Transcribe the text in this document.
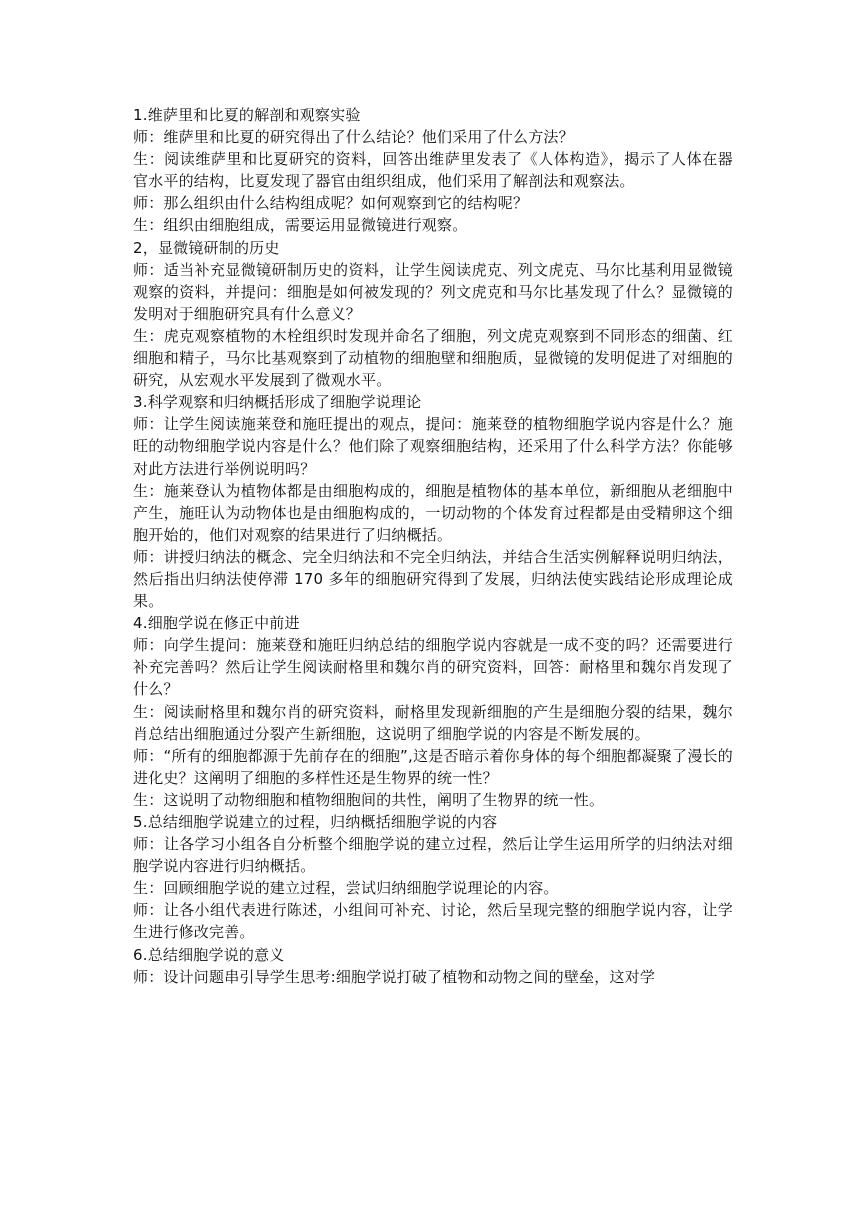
1.维萨里和比夏的解剖和观察实验

师：维萨里和比夏的研究得出了什么结论？他们采用了什么方法？

生：阅读维萨里和比夏研究的资料，回答出维萨里发表了《人体构造》，揭示了人体在器官水平的结构，比夏发现了器官由组织组成，他们采用了解剖法和观察法。

师：那么组织由什么结构组成呢？如何观察到它的结构呢？

生：组织由细胞组成，需要运用显微镜进行观察。

2，显微镜研制的历史

师：适当补充显微镜研制历史的资料，让学生阅读虎克、列文虎克、马尔比基利用显微镜观察的资料，并提问：细胞是如何被发现的？列文虎克和马尔比基发现了什么？显微镜的发明对于细胞研究具有什么意义？

生：虎克观察植物的木栓组织时发现并命名了细胞，列文虎克观察到不同形态的细菌、红细胞和精子，马尔比基观察到了动植物的细胞壁和细胞质，显微镜的发明促进了对细胞的研究，从宏观水平发展到了微观水平。

3.科学观察和归纳概括形成了细胞学说理论

师：让学生阅读施莱登和施旺提出的观点，提问：施莱登的植物细胞学说内容是什么？施旺的动物细胞学说内容是什么？他们除了观察细胞结构，还采用了什么科学方法？你能够对此方法进行举例说明吗？

生：施莱登认为植物体都是由细胞构成的，细胞是植物体的基本单位，新细胞从老细胞中产生，施旺认为动物体也是由细胞构成的，一切动物的个体发育过程都是由受精卵这个细胞开始的，他们对观察的结果进行了归纳概括。

师：讲授归纳法的概念、完全归纳法和不完全归纳法，并结合生活实例解释说明归纳法，然后指出归纳法使停滞 170 多年的细胞研究得到了发展，归纳法使实践结论形成理论成果。

4.细胞学说在修正中前进

师：向学生提问：施莱登和施旺归纳总结的细胞学说内容就是一成不变的吗？还需要进行补充完善吗？然后让学生阅读耐格里和魏尔肖的研究资料，回答：耐格里和魏尔肖发现了什么？

生：阅读耐格里和魏尔肖的研究资料，耐格里发现新细胞的产生是细胞分裂的结果，魏尔肖总结出细胞通过分裂产生新细胞，这说明了细胞学说的内容是不断发展的。

师：“所有的细胞都源于先前存在的细胞”,这是否暗示着你身体的每个细胞都凝聚了漫长的进化史？这阐明了细胞的多样性还是生物界的统一性？

生：这说明了动物细胞和植物细胞间的共性，阐明了生物界的统一性。

5.总结细胞学说建立的过程，归纳概括细胞学说的内容

师：让各学习小组各自分析整个细胞学说的建立过程，然后让学生运用所学的归纳法对细胞学说内容进行归纳概括。

生：回顾细胞学说的建立过程，尝试归纳细胞学说理论的内容。

师：让各小组代表进行陈述，小组间可补充、讨论，然后呈现完整的细胞学说内容，让学生进行修改完善。

6.总结细胞学说的意义

师：设计问题串引导学生思考:细胞学说打破了植物和动物之间的壁垒，这对学
